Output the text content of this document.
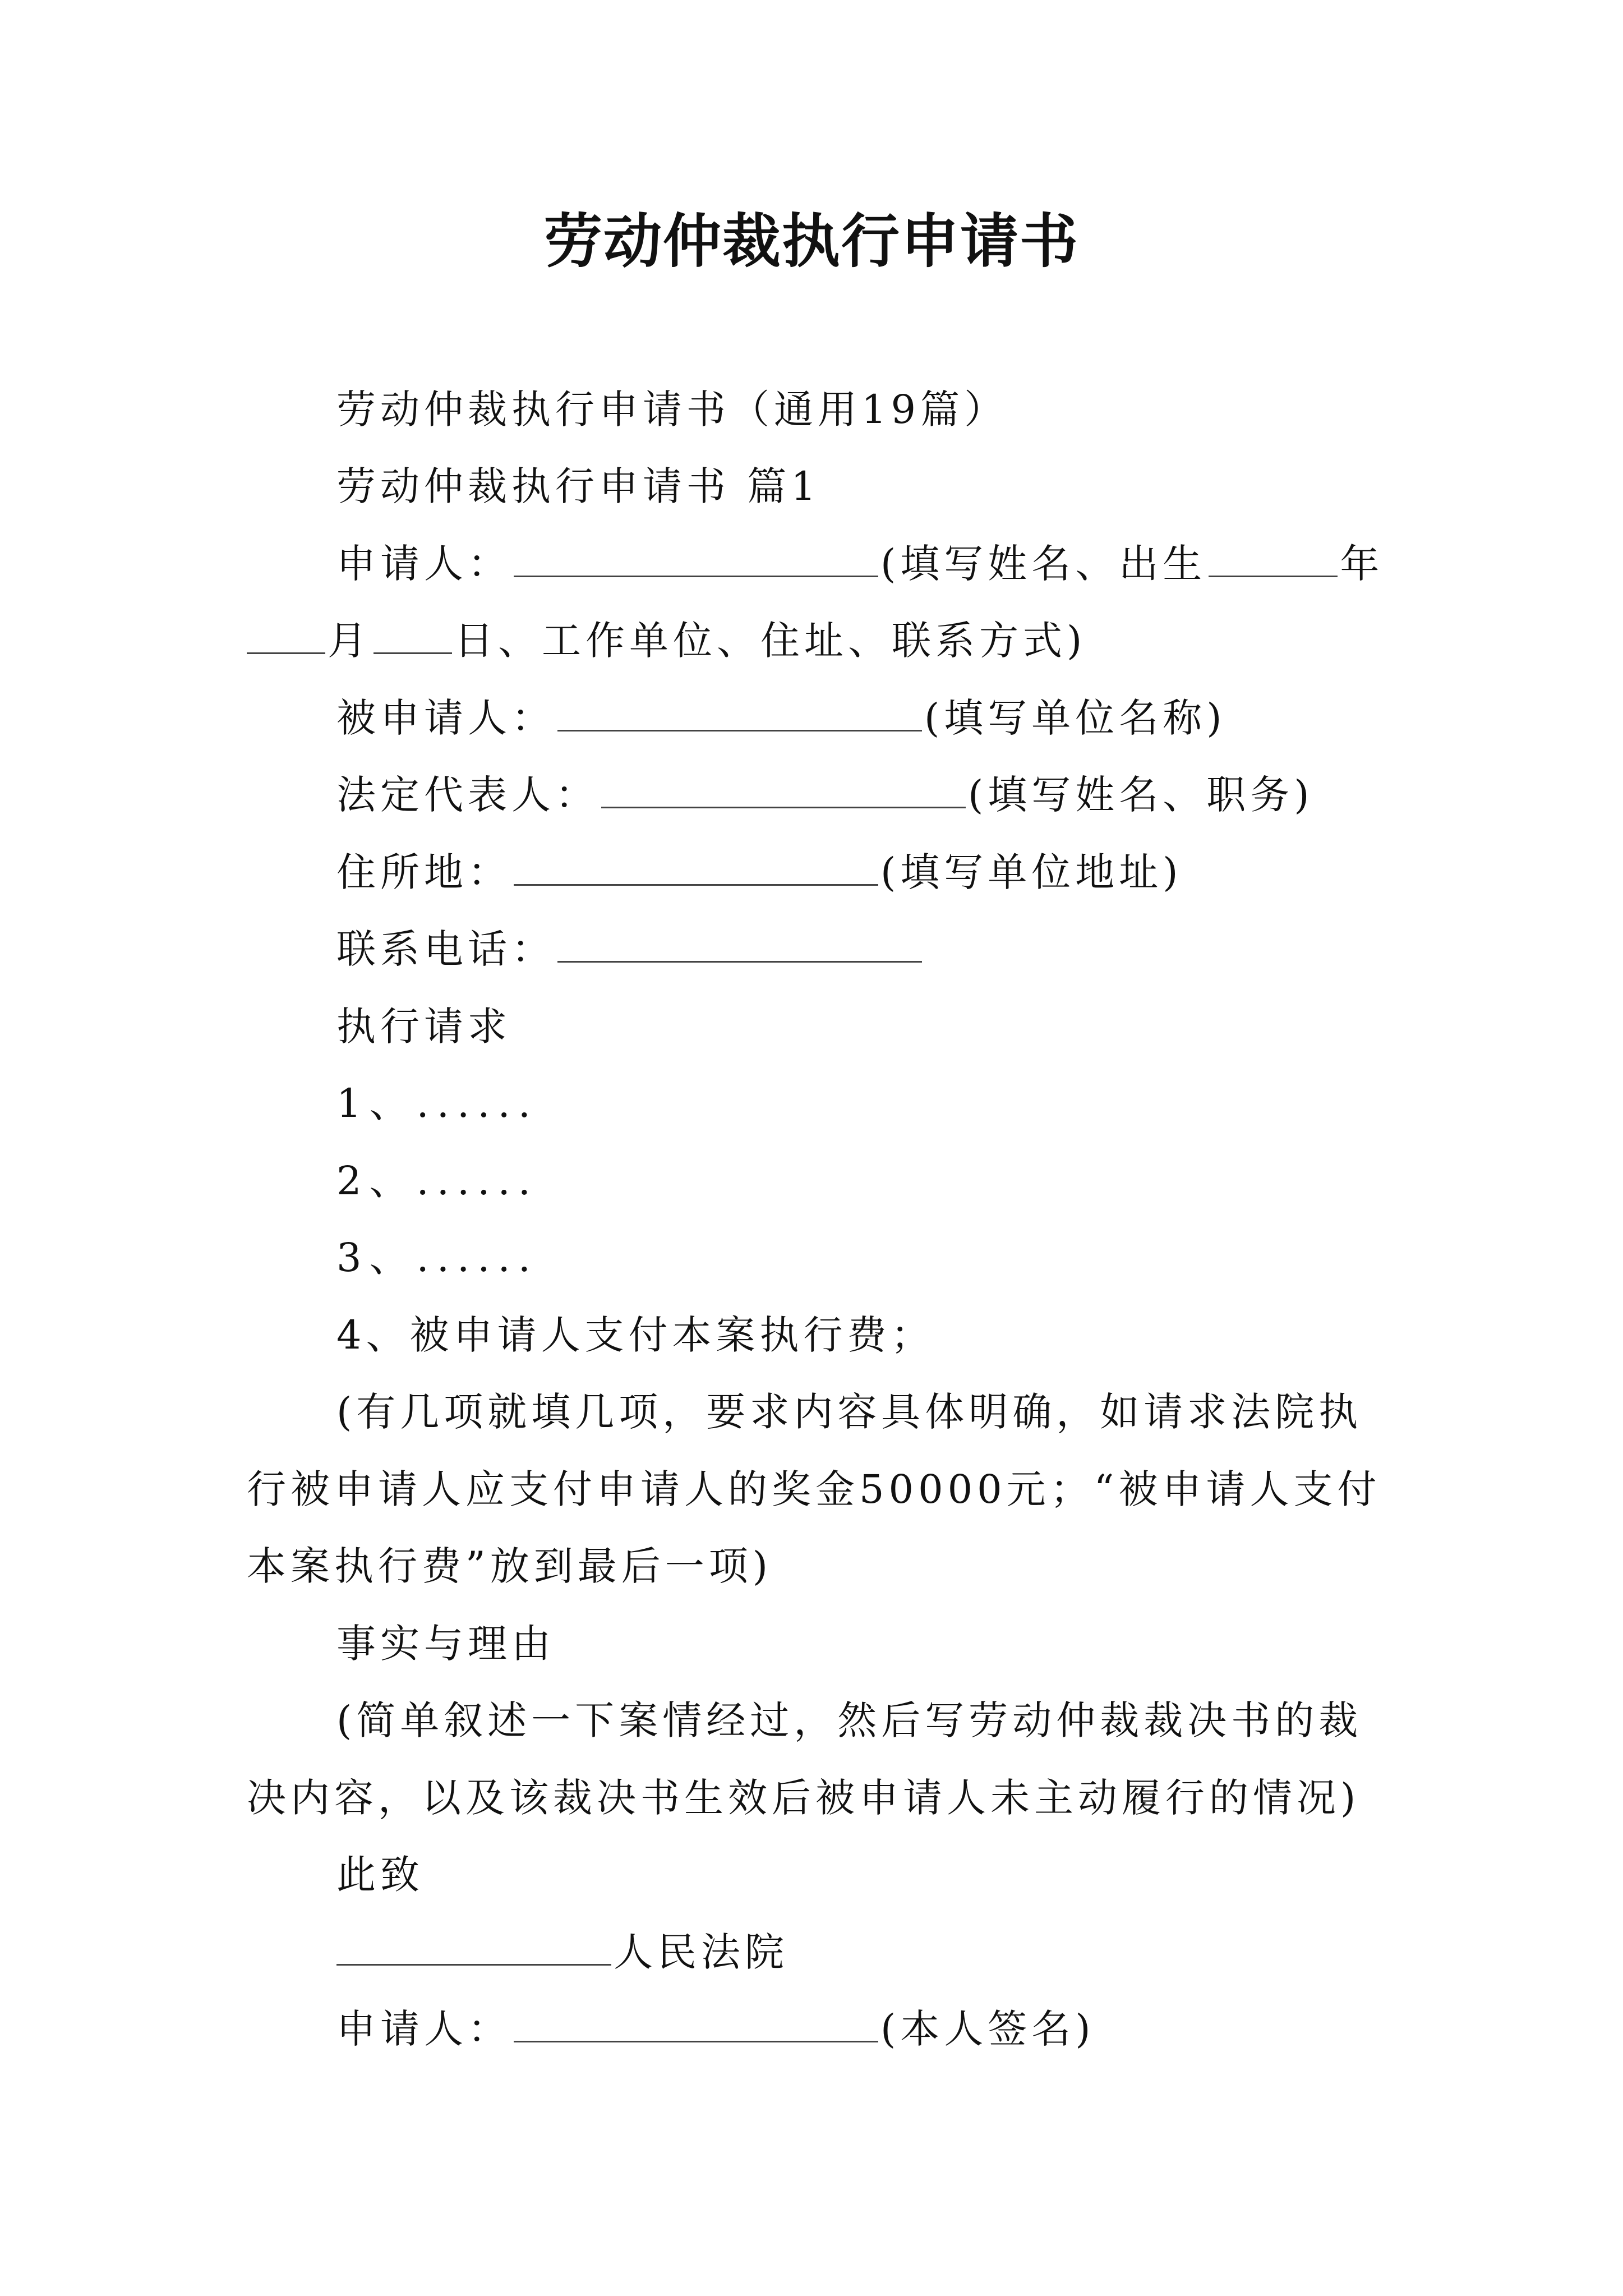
劳动仲裁执行申请书
劳动仲裁执行申请书（通用19篇）
劳动仲裁执行申请书 篇1
申请人：	(填写姓名、出生	年
月 日、工作单位、住址、联系方式)
被申请人：	(填写单位名称)
法定代表人：	(填写姓名、职务)
住所地：	(填写单位地址)
联系电话：
执行请求
1、......
2、......
3、......
4、被申请人支付本案执行费；
(有几项就填几项，要求内容具体明确，如请求法院执
行被申请人应支付申请人的奖金50000元；“被申请人支付
本案执行费”放到最后一项)
事实与理由
(简单叙述一下案情经过，然后写劳动仲裁裁决书的裁
决内容，以及该裁决书生效后被申请人未主动履行的情况)
此致
人民法院
申请人：	(本人签名)
